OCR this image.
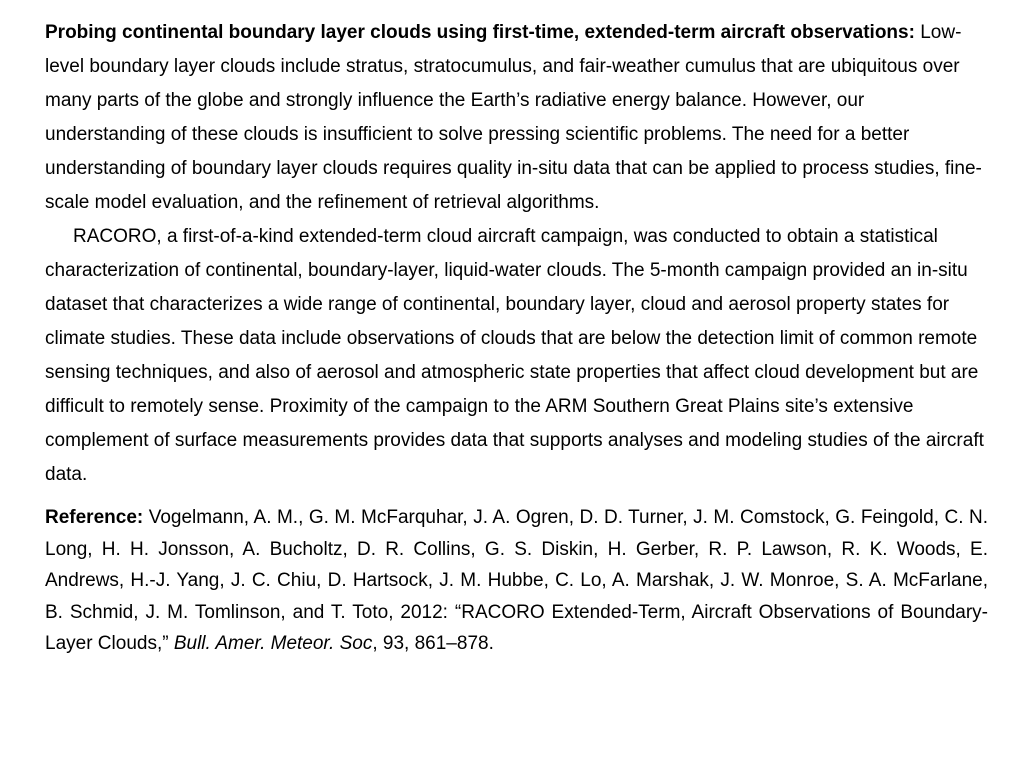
Probing continental boundary layer clouds using first-time, extended-term aircraft observations: Low-level boundary layer clouds include stratus, stratocumulus, and fair-weather cumulus that are ubiquitous over many parts of the globe and strongly influence the Earth’s radiative energy balance. However, our understanding of these clouds is insufficient to solve pressing scientific problems. The need for a better understanding of boundary layer clouds requires quality in-situ data that can be applied to process studies, fine-scale model evaluation, and the refinement of retrieval algorithms.

RACORO, a first-of-a-kind extended-term cloud aircraft campaign, was conducted to obtain a statistical characterization of continental, boundary-layer, liquid-water clouds. The 5-month campaign provided an in-situ dataset that characterizes a wide range of continental, boundary layer, cloud and aerosol property states for climate studies. These data include observations of clouds that are below the detection limit of common remote sensing techniques, and also of aerosol and atmospheric state properties that affect cloud development but are difficult to remotely sense. Proximity of the campaign to the ARM Southern Great Plains site’s extensive complement of surface measurements provides data that supports analyses and modeling studies of the aircraft data.

Reference: Vogelmann, A. M., G. M. McFarquhar, J. A. Ogren, D. D. Turner, J. M. Comstock, G. Feingold, C. N. Long, H. H. Jonsson, A. Bucholtz, D. R. Collins, G. S. Diskin, H. Gerber, R. P. Lawson, R. K. Woods, E. Andrews, H.-J. Yang, J. C. Chiu, D. Hartsock, J. M. Hubbe, C. Lo, A. Marshak, J. W. Monroe, S. A. McFarlane, B. Schmid, J. M. Tomlinson, and T. Toto, 2012: “RACORO Extended-Term, Aircraft Observations of Boundary-Layer Clouds,” Bull. Amer. Meteor. Soc, 93, 861–878.
